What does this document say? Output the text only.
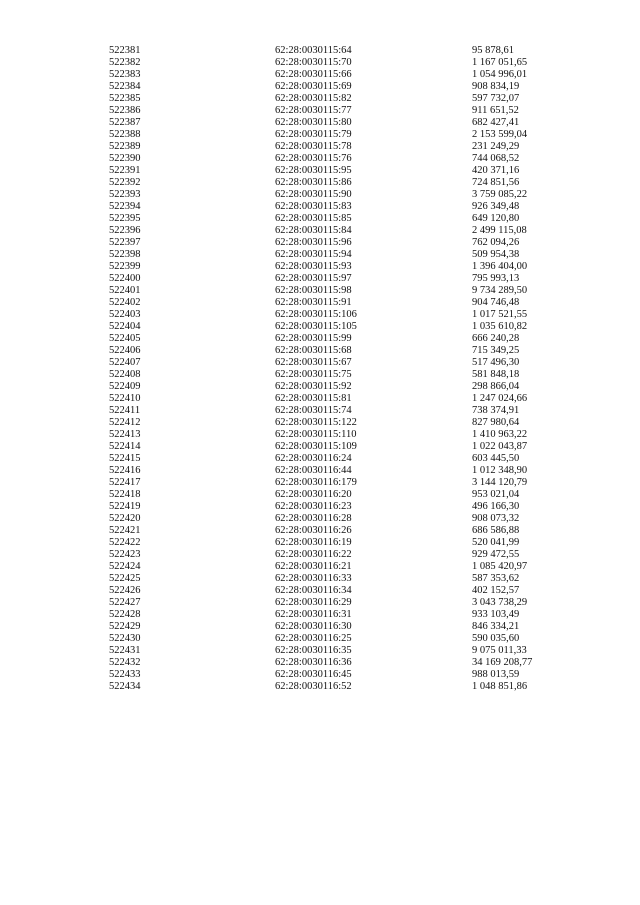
522381	62:28:0030115:64	95 878,61
522382	62:28:0030115:70	1 167 051,65
522383	62:28:0030115:66	1 054 996,01
522384	62:28:0030115:69	908 834,19
522385	62:28:0030115:82	597 732,07
522386	62:28:0030115:77	911 651,52
522387	62:28:0030115:80	682 427,41
522388	62:28:0030115:79	2 153 599,04
522389	62:28:0030115:78	231 249,29
522390	62:28:0030115:76	744 068,52
522391	62:28:0030115:95	420 371,16
522392	62:28:0030115:86	724 851,56
522393	62:28:0030115:90	3 759 085,22
522394	62:28:0030115:83	926 349,48
522395	62:28:0030115:85	649 120,80
522396	62:28:0030115:84	2 499 115,08
522397	62:28:0030115:96	762 094,26
522398	62:28:0030115:94	509 954,38
522399	62:28:0030115:93	1 396 404,00
522400	62:28:0030115:97	795 993,13
522401	62:28:0030115:98	9 734 289,50
522402	62:28:0030115:91	904 746,48
522403	62:28:0030115:106	1 017 521,55
522404	62:28:0030115:105	1 035 610,82
522405	62:28:0030115:99	666 240,28
522406	62:28:0030115:68	715 349,25
522407	62:28:0030115:67	517 496,30
522408	62:28:0030115:75	581 848,18
522409	62:28:0030115:92	298 866,04
522410	62:28:0030115:81	1 247 024,66
522411	62:28:0030115:74	738 374,91
522412	62:28:0030115:122	827 980,64
522413	62:28:0030115:110	1 410 963,22
522414	62:28:0030115:109	1 022 043,87
522415	62:28:0030116:24	603 445,50
522416	62:28:0030116:44	1 012 348,90
522417	62:28:0030116:179	3 144 120,79
522418	62:28:0030116:20	953 021,04
522419	62:28:0030116:23	496 166,30
522420	62:28:0030116:28	908 073,32
522421	62:28:0030116:26	686 586,88
522422	62:28:0030116:19	520 041,99
522423	62:28:0030116:22	929 472,55
522424	62:28:0030116:21	1 085 420,97
522425	62:28:0030116:33	587 353,62
522426	62:28:0030116:34	402 152,57
522427	62:28:0030116:29	3 043 738,29
522428	62:28:0030116:31	933 103,49
522429	62:28:0030116:30	846 334,21
522430	62:28:0030116:25	590 035,60
522431	62:28:0030116:35	9 075 011,33
522432	62:28:0030116:36	34 169 208,77
522433	62:28:0030116:45	988 013,59
522434	62:28:0030116:52	1 048 851,86
